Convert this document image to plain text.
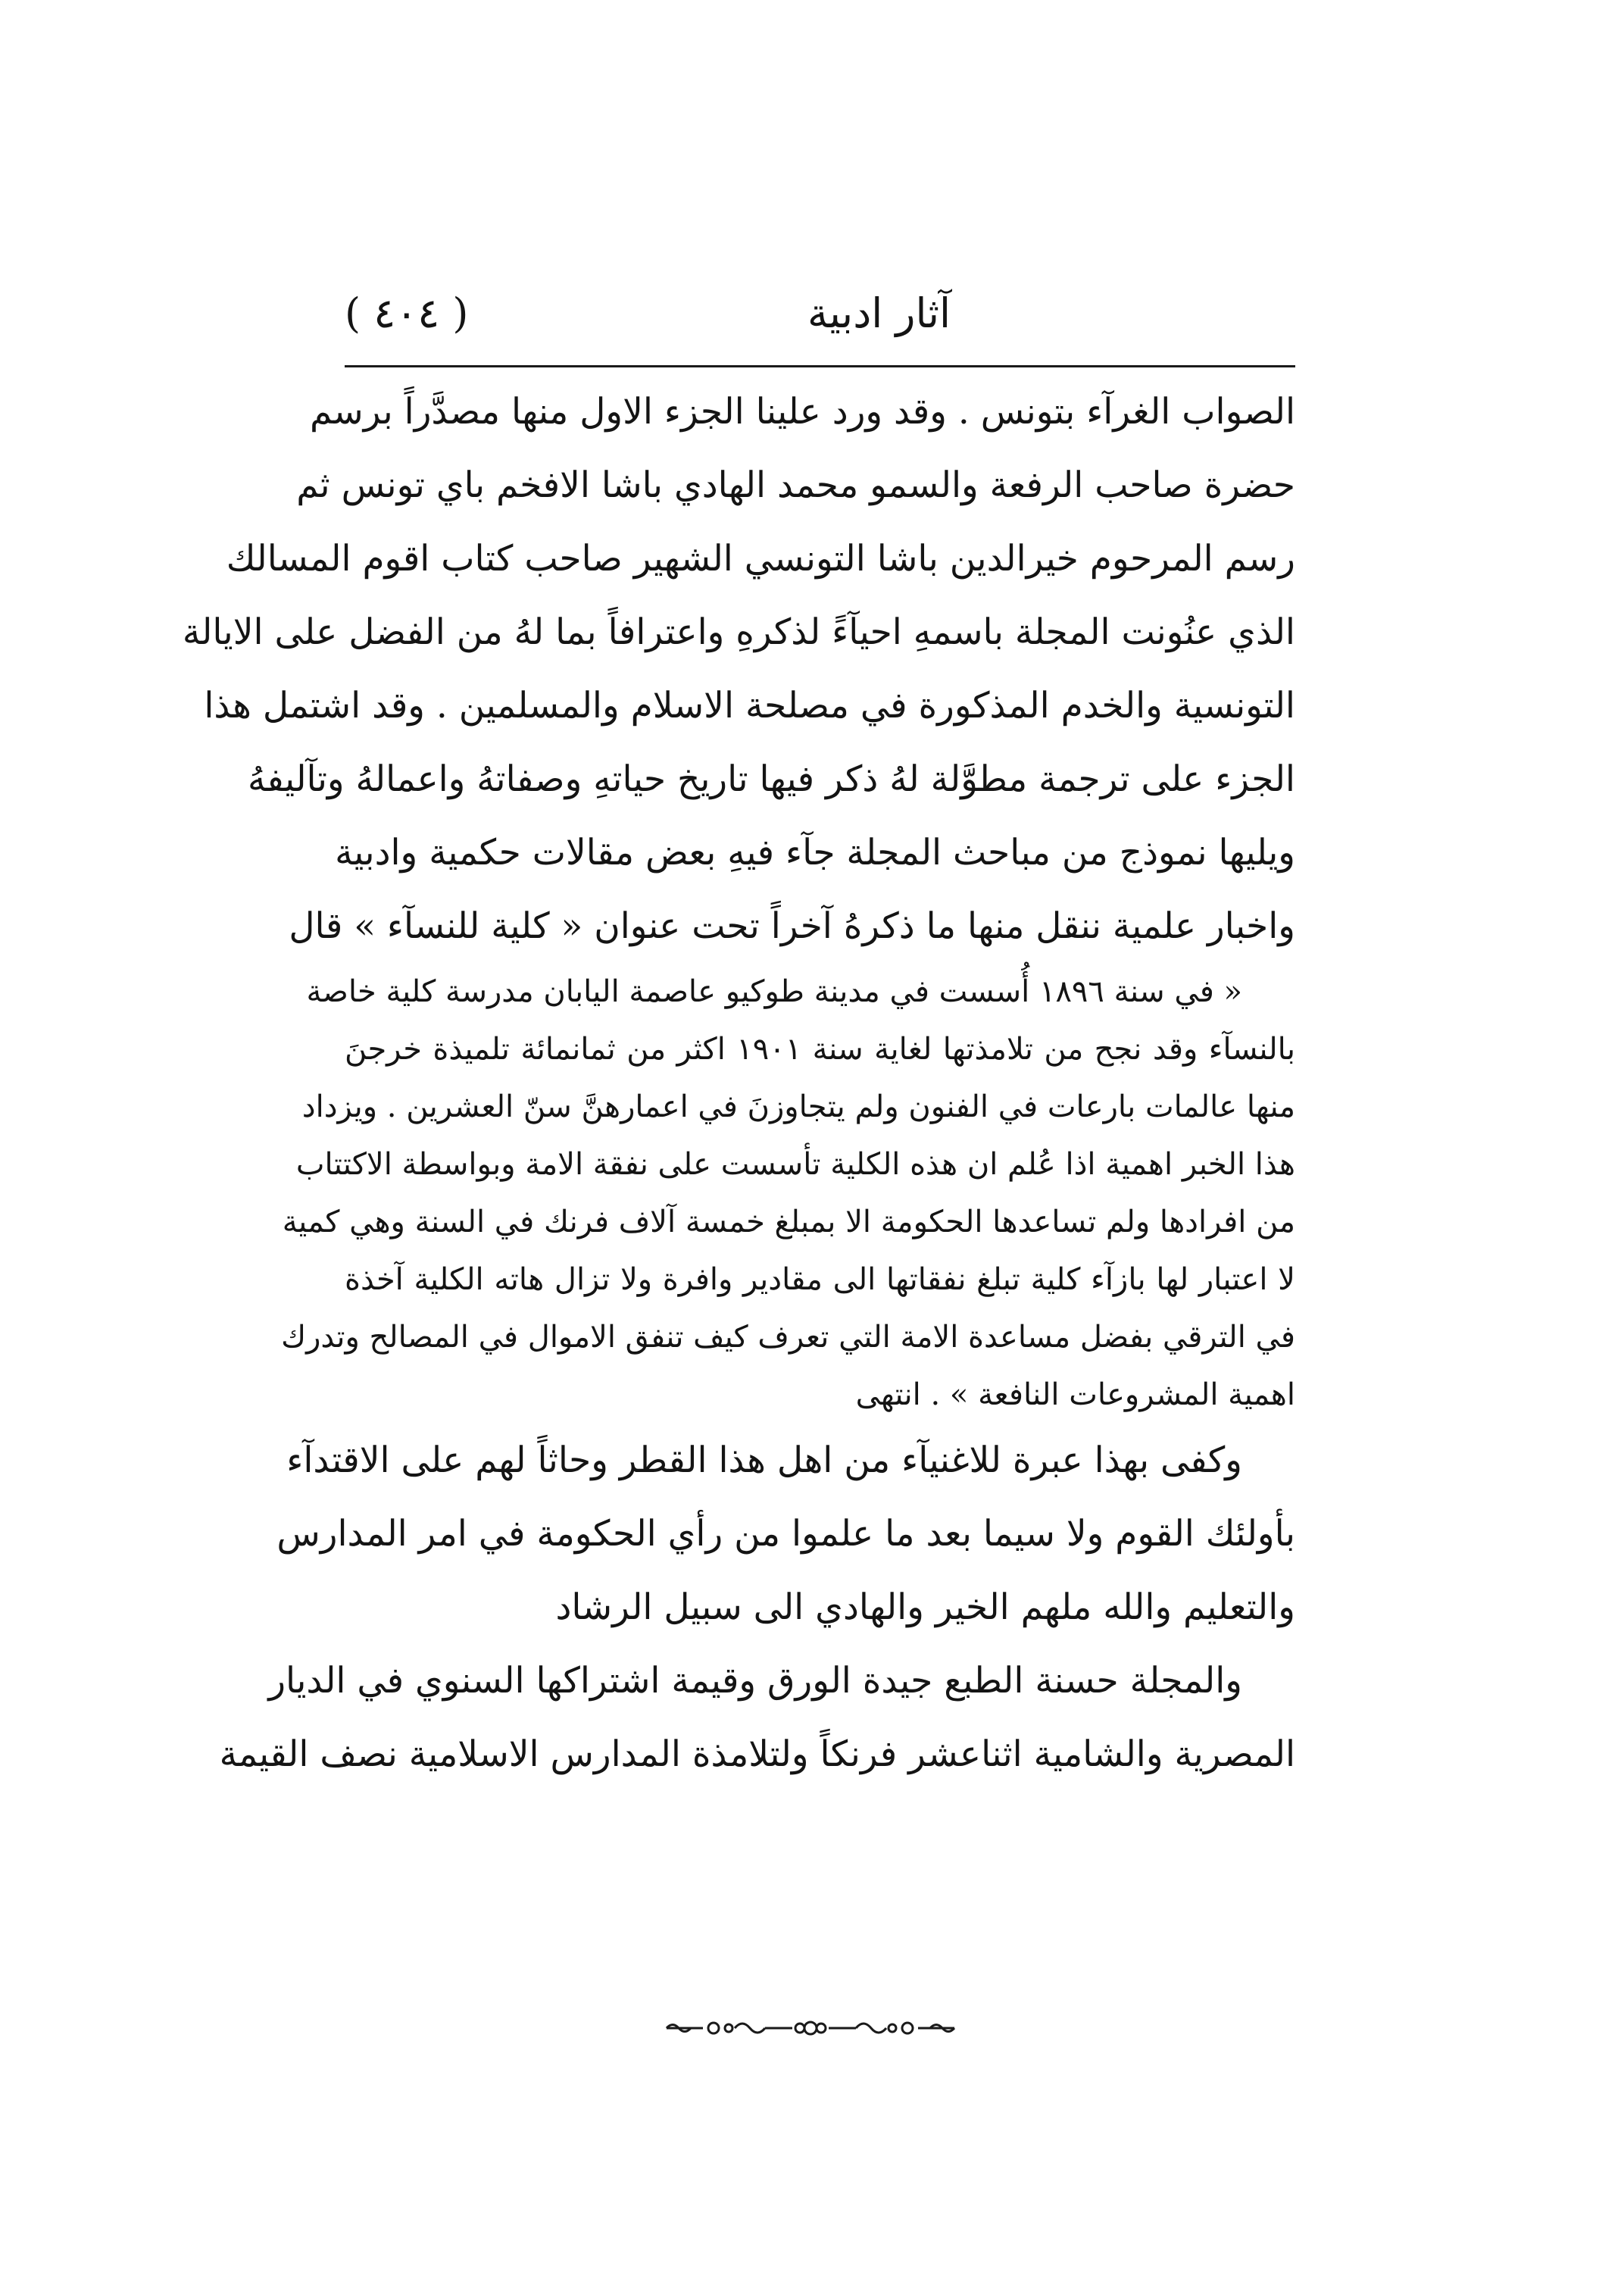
آثار ادبية
( ٤٠٤ )
الصواب الغرآء بتونس . وقد ورد علينا الجزء الاول منها مصدَّراً برسم
حضرة صاحب الرفعة والسمو محمد الهادي باشا الافخم باي تونس ثم
رسم المرحوم خيرالدين باشا التونسي الشهير صاحب كتاب اقوم المسالك
الذي عنُونت المجلة باسمهِ احيآءً لذكرهِ واعترافاً بما لهُ من الفضل على الايالة
التونسية والخدم المذكورة في مصلحة الاسلام والمسلمين . وقد اشتمل هذا
الجزء على ترجمة مطوَّلة لهُ ذكر فيها تاريخ حياتهِ وصفاتهُ واعمالهُ وتآليفهُ
ويليها نموذج من مباحث المجلة جآء فيهِ بعض مقالات حكمية وادبية
واخبار علمية ننقل منها ما ذكرهُ آخراً تحت عنوان « كلية للنسآء » قال
« في سنة ١٨٩٦ أُسست في مدينة طوكيو عاصمة اليابان مدرسة كلية خاصة
بالنسآء وقد نجح من تلامذتها لغاية سنة ١٩٠١ اكثر من ثمانمائة تلميذة خرجنَ
منها عالمات بارعات في الفنون ولم يتجاوزنَ في اعمارهنَّ سنّ العشرين . ويزداد
هذا الخبر اهمية اذا عُلم ان هذه الكلية تأسست على نفقة الامة وبواسطة الاكتتاب
من افرادها ولم تساعدها الحكومة الا بمبلغ خمسة آلاف فرنك في السنة وهي كمية
لا اعتبار لها بازآء كلية تبلغ نفقاتها الى مقادير وافرة ولا تزال هاته الكلية آخذة
في الترقي بفضل مساعدة الامة التي تعرف كيف تنفق الاموال في المصالح وتدرك
اهمية المشروعات النافعة » . انتهى
وكفى بهذا عبرة للاغنيآء من اهل هذا القطر وحاثاً لهم على الاقتدآء
بأولئك القوم ولا سيما بعد ما علموا من رأي الحكومة في امر المدارس
والتعليم والله ملهم الخير والهادي الى سبيل الرشاد
والمجلة حسنة الطبع جيدة الورق وقيمة اشتراكها السنوي في الديار
المصرية والشامية اثناعشر فرنكاً ولتلامذة المدارس الاسلامية نصف القيمة
